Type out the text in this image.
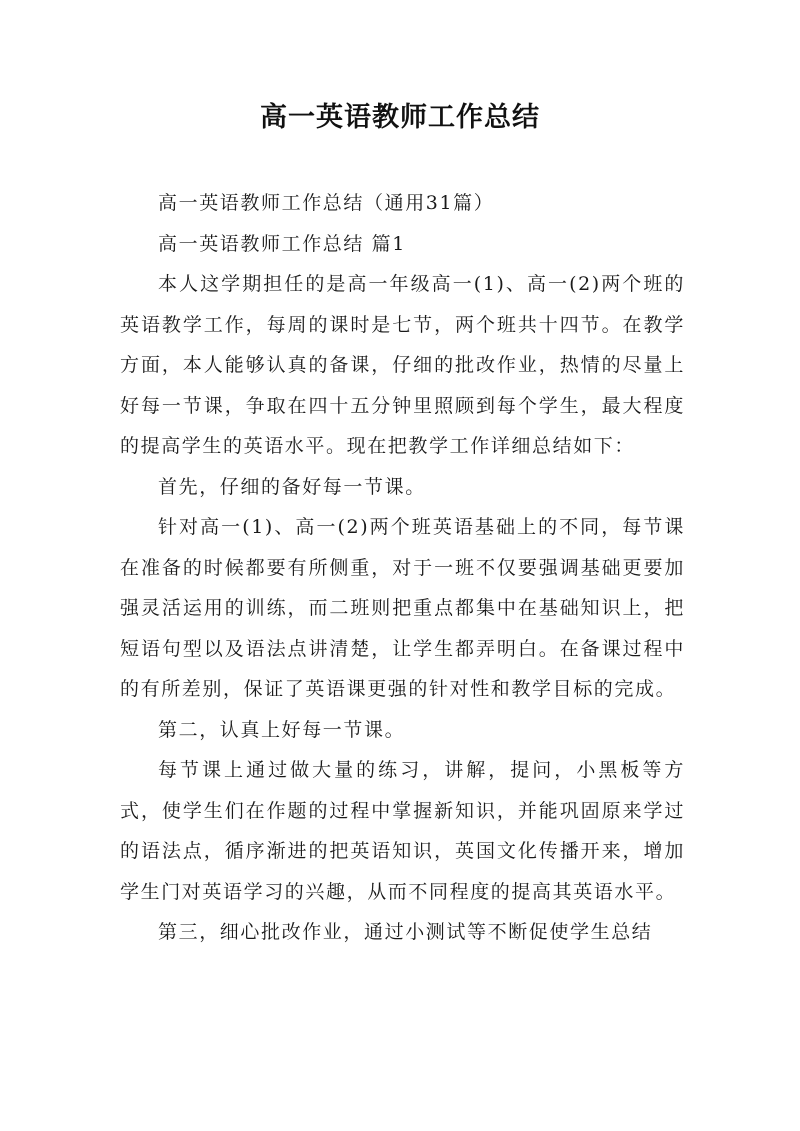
高一英语教师工作总结

高一英语教师工作总结（通用31篇）

高一英语教师工作总结 篇1

本人这学期担任的是高一年级高一(1)、高一(2)两个班的英语教学工作，每周的课时是七节，两个班共十四节。在教学方面，本人能够认真的备课，仔细的批改作业，热情的尽量上好每一节课，争取在四十五分钟里照顾到每个学生，最大程度的提高学生的英语水平。现在把教学工作详细总结如下：

首先，仔细的备好每一节课。

针对高一(1)、高一(2)两个班英语基础上的不同，每节课在准备的时候都要有所侧重，对于一班不仅要强调基础更要加强灵活运用的训练，而二班则把重点都集中在基础知识上，把短语句型以及语法点讲清楚，让学生都弄明白。在备课过程中的有所差别，保证了英语课更强的针对性和教学目标的完成。

第二，认真上好每一节课。

每节课上通过做大量的练习，讲解，提问，小黑板等方式，使学生们在作题的过程中掌握新知识，并能巩固原来学过的语法点，循序渐进的把英语知识，英国文化传播开来，增加学生门对英语学习的兴趣，从而不同程度的提高其英语水平。

第三，细心批改作业，通过小测试等不断促使学生总结
